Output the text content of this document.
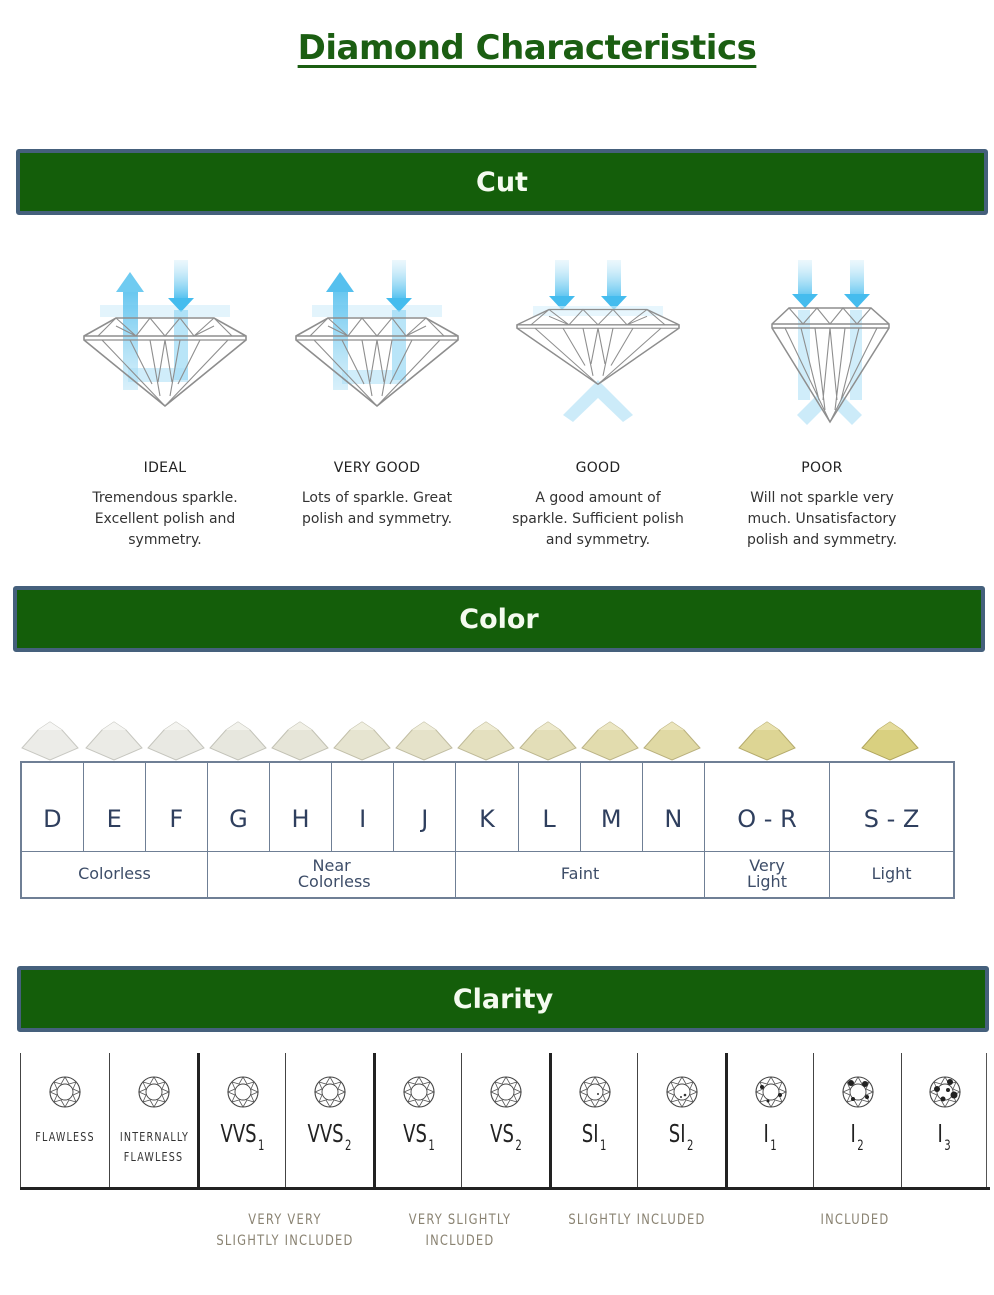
Diamond Characteristics
Cut
IDEAL
Tremendous sparkle. Excellent polish and symmetry.
VERY GOOD
Lots of sparkle. Great polish and symmetry.
GOOD
A good amount of sparkle. Sufficient polish and symmetry.
POOR
Will not sparkle very much. Unsatisfactory polish and symmetry.
Color
D	E	F	G	H	I	J	K	L	M	N	O - R	S - Z
Colorless			Near Colorless				Faint				Very Light	Light
Clarity
FLAWLESS	INTERNALLY FLAWLESS
$VVS_1$	$VVS_2$	$VS_1$	$VS_2$	$SI_1$	$SI_2$	$I_1$	$I_2$	$I_3$
VERY VERY SLIGHTLY INCLUDED
VERY SLIGHTLY INCLUDED
SLIGHTLY INCLUDED	INCLUDED
